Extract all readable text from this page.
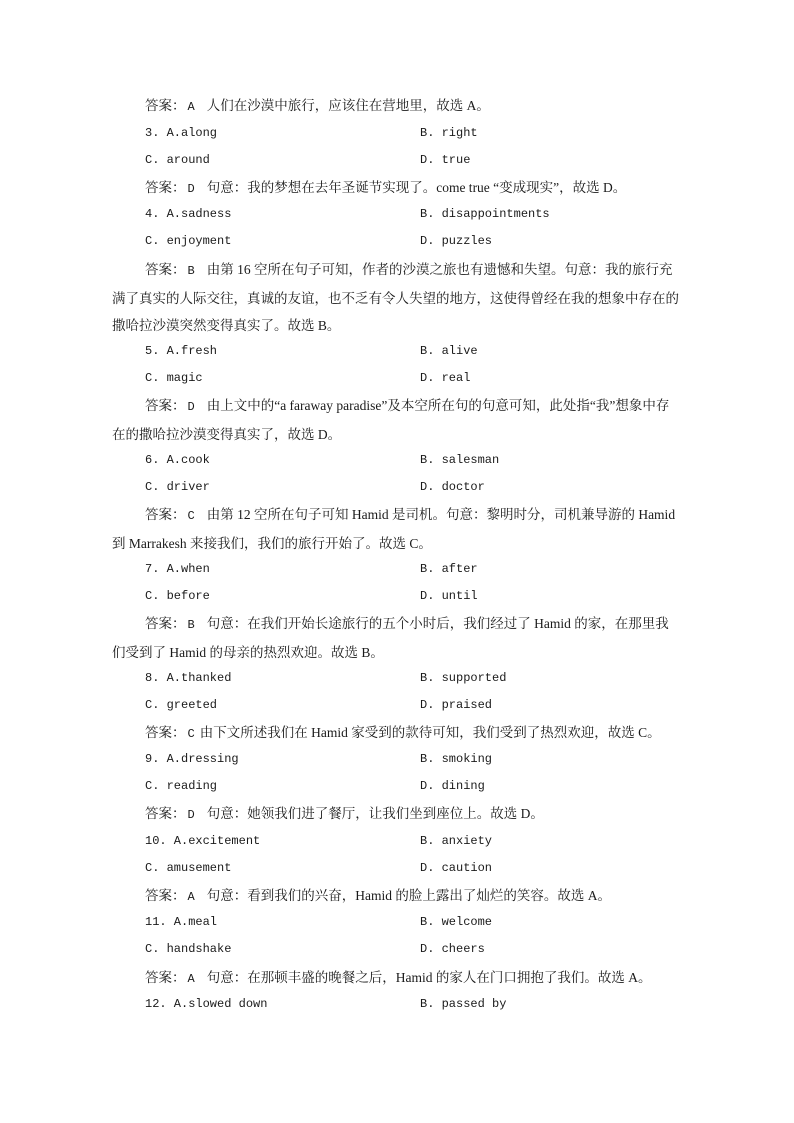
答案： A 人们在沙漠中旅行，应该住在营地里，故选 A。
3. A.along	B. right
C. around	D. true
答案： D 句意：我的梦想在去年圣诞节实现了。come true “变成现实”，故选 D。
4. A.sadness	B. disappointments
C. enjoyment	D. puzzles
答案： B 由第 16 空所在句子可知，作者的沙漠之旅也有遗憾和失望。句意：我的旅行充满了真实的人际交往，真诚的友谊，也不乏有令人失望的地方，这使得曾经在我的想象中存在的撒哈拉沙漠突然变得真实了。故选 B。
5. A.fresh	B. alive
C. magic	D. real
答案： D 由上文中的“a faraway paradise”及本空所在句的句意可知，此处指“我”想象中存在的撒哈拉沙漠变得真实了，故选 D。
6. A.cook	B. salesman
C. driver	D. doctor
答案： C 由第 12 空所在句子可知 Hamid 是司机。句意：黎明时分，司机兼导游的 Hamid 到 Marrakesh 来接我们，我们的旅行开始了。故选 C。
7. A.when	B. after
C. before	D. until
答案： B 句意：在我们开始长途旅行的五个小时后，我们经过了 Hamid 的家，在那里我们受到了 Hamid 的母亲的热烈欢迎。故选 B。
8. A.thanked	B. supported
C. greeted	D. praised
答案： C 由下文所述我们在 Hamid 家受到的款待可知，我们受到了热烈欢迎，故选 C。
9. A.dressing	B. smoking
C. reading	D. dining
答案： D 句意：她领我们进了餐厅，让我们坐到座位上。故选 D。
10. A.excitement	B. anxiety
C. amusement	D. caution
答案： A 句意：看到我们的兴奋，Hamid 的脸上露出了灿烂的笑容。故选 A。
11. A.meal	B. welcome
C. handshake	D. cheers
答案： A 句意：在那顿丰盛的晚餐之后，Hamid 的家人在门口拥抱了我们。故选 A。
12. A.slowed down	B. passed by
